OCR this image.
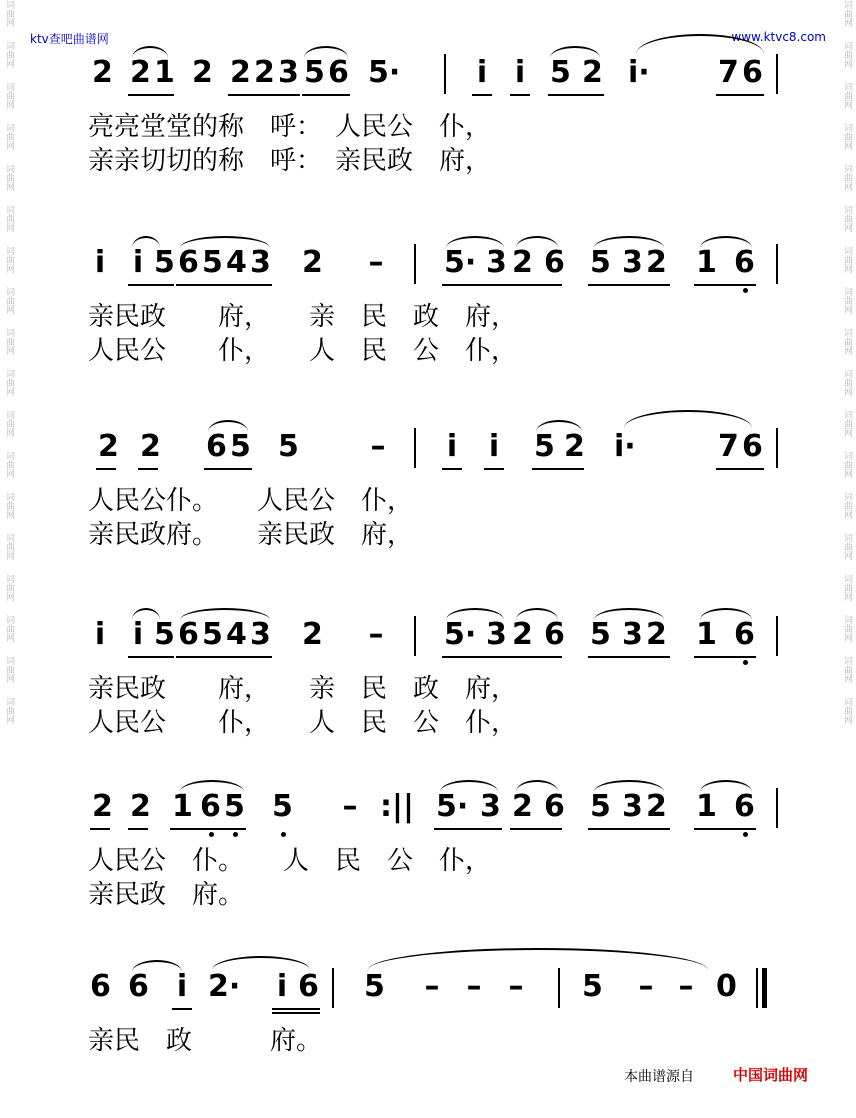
词曲网
词曲网
词曲网
词曲网
词曲网
词曲网
词曲网
词曲网
词曲网
词曲网
词曲网
词曲网
词曲网
词曲网
词曲网
词曲网
词曲网
词曲网
词曲网
词曲网
词曲网
词曲网
词曲网
词曲网
词曲网
词曲网
词曲网
词曲网
词曲网
词曲网
词曲网
词曲网
词曲网
词曲网
词曲网
词曲网
ktv查吧曲谱网	www.ktvc8.com
2 2 1 2 2 2 3 5 6 5·	i i 5 2 i· 7 6
亮亮堂堂的称　呼：　人民公　仆，
亲亲切切的称　呼：　亲民政　府，
i i 5 6 5 4 3 2 – 5· 3 2 6 5 3 2 1 6
亲民政　　府，　　亲　民　政　府，
人民公　　仆，　　人　民　公　仆，
2 2 6 5 5 – i i 5 2 i·	7 6
人民公仆。　　人民公　仆，
亲民政府。　　亲民政　府，
i i 5 6 5 4 3 2 – 5· 3 2 6 5 3 2 1 6
亲民政　　府，　　亲　民　政　府，
人民公　　仆，　　人　民　公　仆，
2 2 1 6 5 5 – :|| 5· 3 2 6 5 3 2 1 6
人民公　仆。　　人　民　公　仆，
亲民政　府。
6 6 i 2· i 6 5 – – – 5 – – 0
亲民　政　　　府。
本曲谱源自	中国词曲网
